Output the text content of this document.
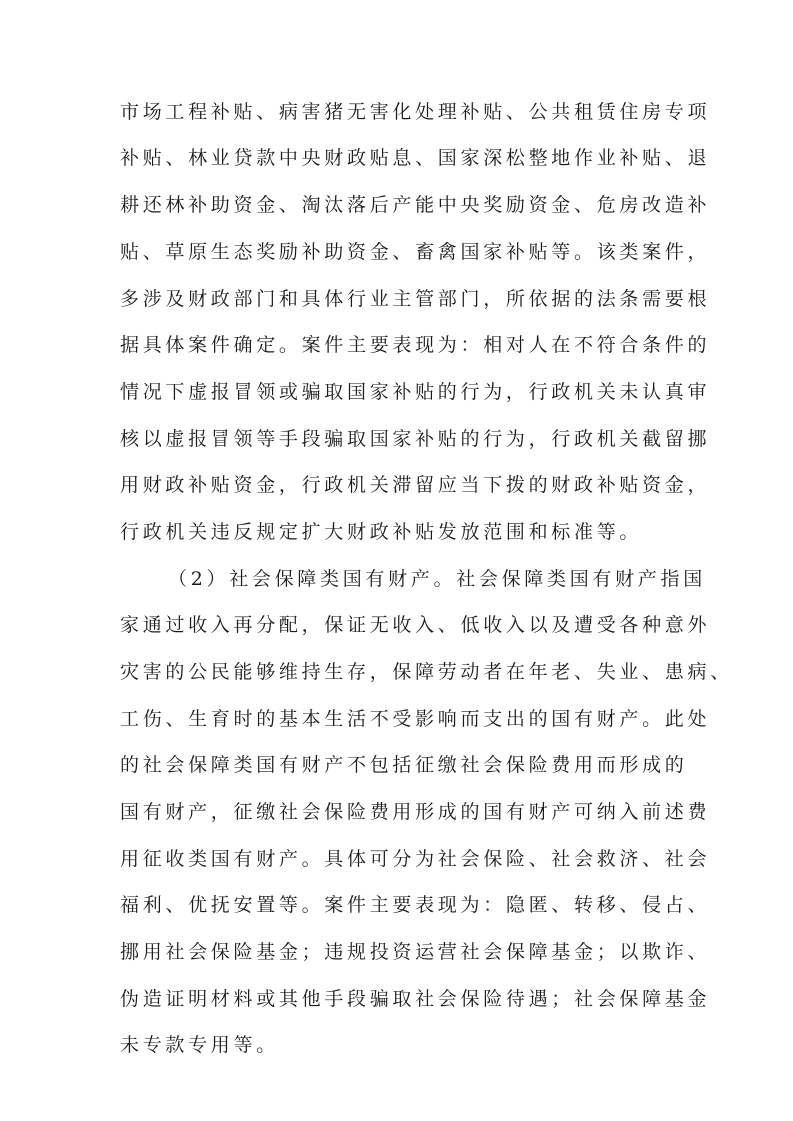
市场工程补贴、病害猪无害化处理补贴、公共租赁住房专项
补贴、林业贷款中央财政贴息、国家深松整地作业补贴、退
耕还林补助资金、淘汰落后产能中央奖励资金、危房改造补
贴、草原生态奖励补助资金、畜禽国家补贴等。该类案件，
多涉及财政部门和具体行业主管部门，所依据的法条需要根
据具体案件确定。案件主要表现为：相对人在不符合条件的
情况下虚报冒领或骗取国家补贴的行为，行政机关未认真审
核以虚报冒领等手段骗取国家补贴的行为，行政机关截留挪
用财政补贴资金，行政机关滞留应当下拨的财政补贴资金，
行政机关违反规定扩大财政补贴发放范围和标准等。
（2）社会保障类国有财产。社会保障类国有财产指国
家通过收入再分配，保证无收入、低收入以及遭受各种意外
灾害的公民能够维持生存，保障劳动者在年老、失业、患病、
工伤、生育时的基本生活不受影响而支出的国有财产。此处
的社会保障类国有财产不包括征缴社会保险费用而形成的
国有财产，征缴社会保险费用形成的国有财产可纳入前述费
用征收类国有财产。具体可分为社会保险、社会救济、社会
福利、优抚安置等。案件主要表现为：隐匿、转移、侵占、
挪用社会保险基金；违规投资运营社会保障基金；以欺诈、
伪造证明材料或其他手段骗取社会保险待遇；社会保障基金
未专款专用等。
